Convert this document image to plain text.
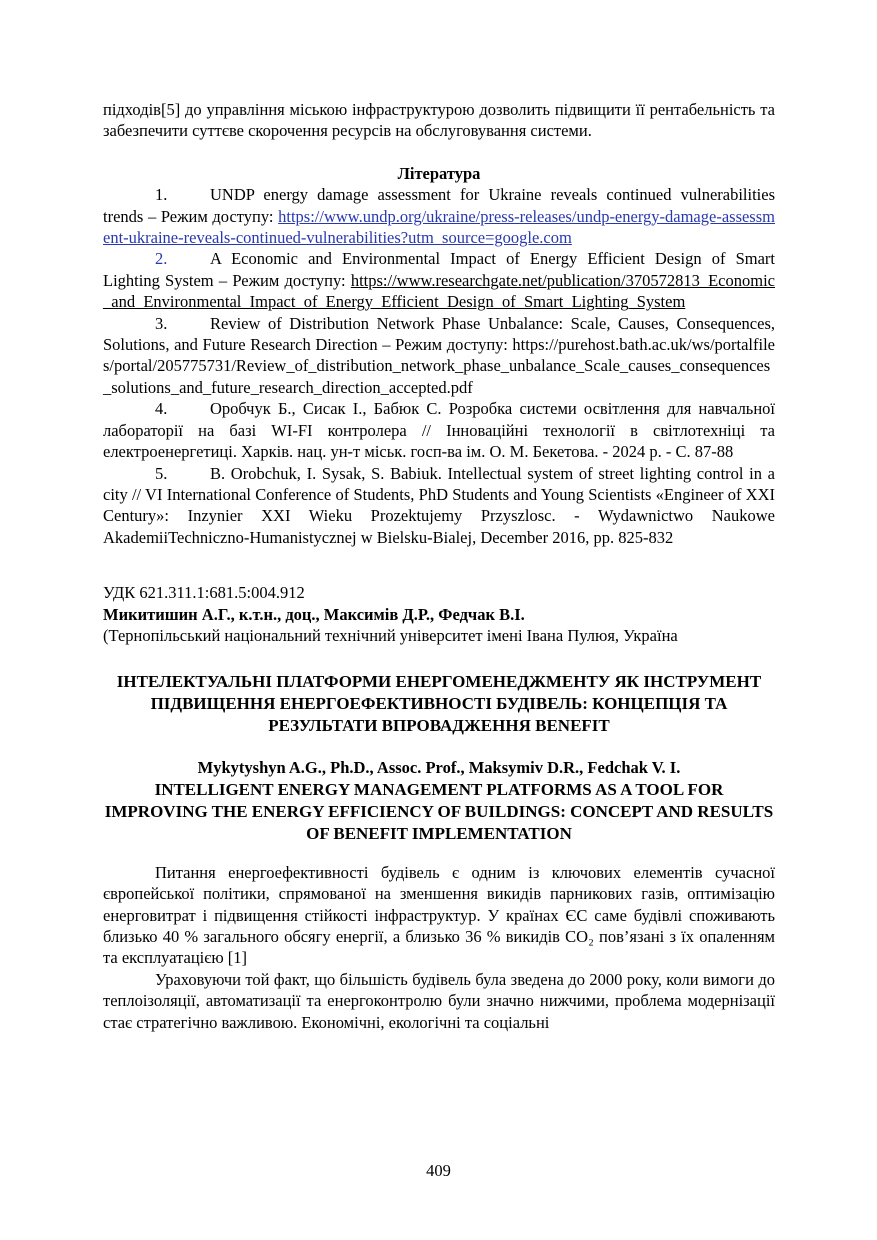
підходів[5] до управління міською інфраструктурою дозволить підвищити її рентабельність та забезпечити суттєве скорочення ресурсів на обслуговування системи.

Література

1.	UNDP energy damage assessment for Ukraine reveals continued vulnerabilities trends – Режим доступу: https://www.undp.org/ukraine/press-releases/undp-energy-damage-assessment-ukraine-reveals-continued-vulnerabilities?utm_source=google.com

2.	A Economic and Environmental Impact of Energy Efficient Design of Smart Lighting System – Режим доступу: https://www.researchgate.net/publication/370572813_Economic_and_Environmental_Impact_of_Energy_Efficient_Design_of_Smart_Lighting_System

3.	Review of Distribution Network Phase Unbalance: Scale, Causes, Consequences, Solutions, and Future Research Direction – Режим доступу: https://purehost.bath.ac.uk/ws/portalfiles/portal/205775731/Review_of_distribution_network_phase_unbalance_Scale_causes_consequences_solutions_and_future_research_direction_accepted.pdf

4.	Оробчук Б., Сисак І., Бабюк С. Розробка системи освітлення для навчальної лабораторії на базі WI-FI контролера // Інноваційні технології в світлотехніці та електроенергетиці. Харків. нац. ун-т міськ. госп-ва ім. О. М. Бекетова. - 2024 р. - С. 87-88

5.	B. Orobchuk, I. Sysak, S. Babiuk. Intellectual system of street lighting control in a city // VI International Conference of Students, PhD Students and Young Scientists «Engineer of XXI Century»: Inzynier XXI Wieku Prozektujemy Przyszlosc. - Wydawnictwo Naukowe AkademiiTechniczno-Humanistycznej w Bielsku-Bialej, December 2016, pp. 825-832

УДК 621.311.1:681.5:004.912

Микитишин А.Г., к.т.н., доц., Максимів Д.Р., Федчак В.І.

(Тернопільський національний технічний університет імені Івана Пулюя, Україна

ІНТЕЛЕКТУАЛЬНІ ПЛАТФОРМИ ЕНЕРГОМЕНЕДЖМЕНТУ ЯК ІНСТРУМЕНТ ПІДВИЩЕННЯ ЕНЕРГОЕФЕКТИВНОСТІ БУДІВЕЛЬ: КОНЦЕПЦІЯ ТА РЕЗУЛЬТАТИ ВПРОВАДЖЕННЯ BENEFIT

Mykytyshyn A.G., Ph.D., Assoc. Prof., Maksymiv D.R., Fedchak V. I.

INTELLIGENT ENERGY MANAGEMENT PLATFORMS AS A TOOL FOR IMPROVING THE ENERGY EFFICIENCY OF BUILDINGS: CONCEPT AND RESULTS OF BENEFIT IMPLEMENTATION

Питання енергоефективності будівель є одним із ключових елементів сучасної європейської політики, спрямованої на зменшення викидів парникових газів, оптимізацію енерговитрат і підвищення стійкості інфраструктур. У країнах ЄС саме будівлі споживають близько 40 % загального обсягу енергії, а близько 36 % викидів СО₂ пов’язані з їх опаленням та експлуатацією [1]

Ураховуючи той факт, що більшість будівель була зведена до 2000 року, коли вимоги до теплоізоляції, автоматизації та енергоконтролю були значно нижчими, проблема модернізації стає стратегічно важливою. Економічні, екологічні та соціальні

409
